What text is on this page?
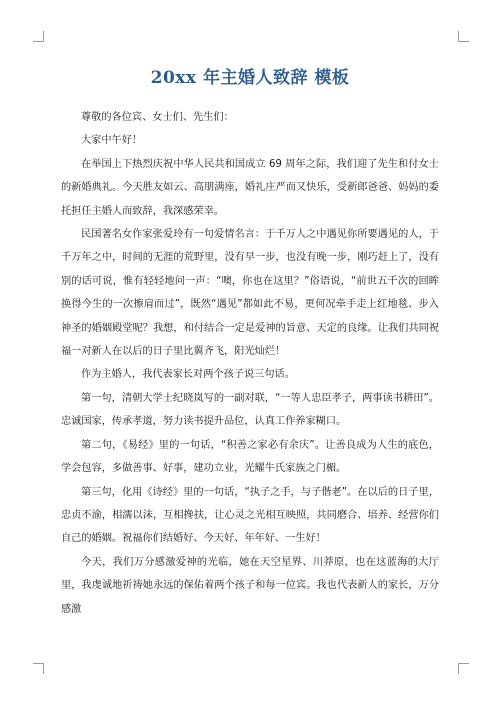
20xx 年主婚人致辞 模板

尊敬的各位宾、女士们、先生们：

大家中午好！

在举国上下热烈庆祝中华人民共和国成立 69 周年之际，我们迎了先生和付女士的新婚典礼。今天胜友如云、高朋满座，婚礼庄严而又快乐，受新郎爸爸、妈妈的委托担任主婚人而致辞，我深感荣幸。

民国著名女作家张爱玲有一句爱情名言：于千万人之中遇见你所要遇见的人，于千万年之中，时间的无涯的荒野里，没有早一步，也没有晚一步，刚巧赶上了，没有别的话可说，惟有轻轻地问一声：“噢，你也在这里？”俗语说，“前世五千次的回眸换得今生的一次擦肩而过”，既然“遇见”都如此不易，更何况牵手走上红地毯、步入神圣的婚姻殿堂呢？我想，和付结合一定是爱神的旨意、天定的良缘。让我们共同祝福一对新人在以后的日子里比翼齐飞，阳光灿烂！

作为主婚人，我代表家长对两个孩子说三句话。

第一句，清朝大学士纪晓岚写的一副对联，“一等人忠臣孝子，两事读书耕田”。忠诚国家，传承孝道，努力读书提升品位，认真工作养家糊口。

第二句，《易经》里的一句话，“积善之家必有余庆”。让善良成为人生的底色，学会包容，多做善事、好事，建功立业，光耀牛氏家族之门楣。

第三句，化用《诗经》里的一句话，“执子之手，与子偕老”。在以后的日子里，忠贞不渝，相濡以沫，互相搀扶，让心灵之光相互映照，共同磨合、培养、经营你们自己的婚姻。祝福你们结婚好、今天好、年年好、一生好！

今天，我们万分感激爱神的光临，她在天空星界、川莽原，也在这蓝海的大厅里，我虔诚地祈祷她永远的保佑着两个孩子和每一位宾。我也代表新人的家长，万分感激
